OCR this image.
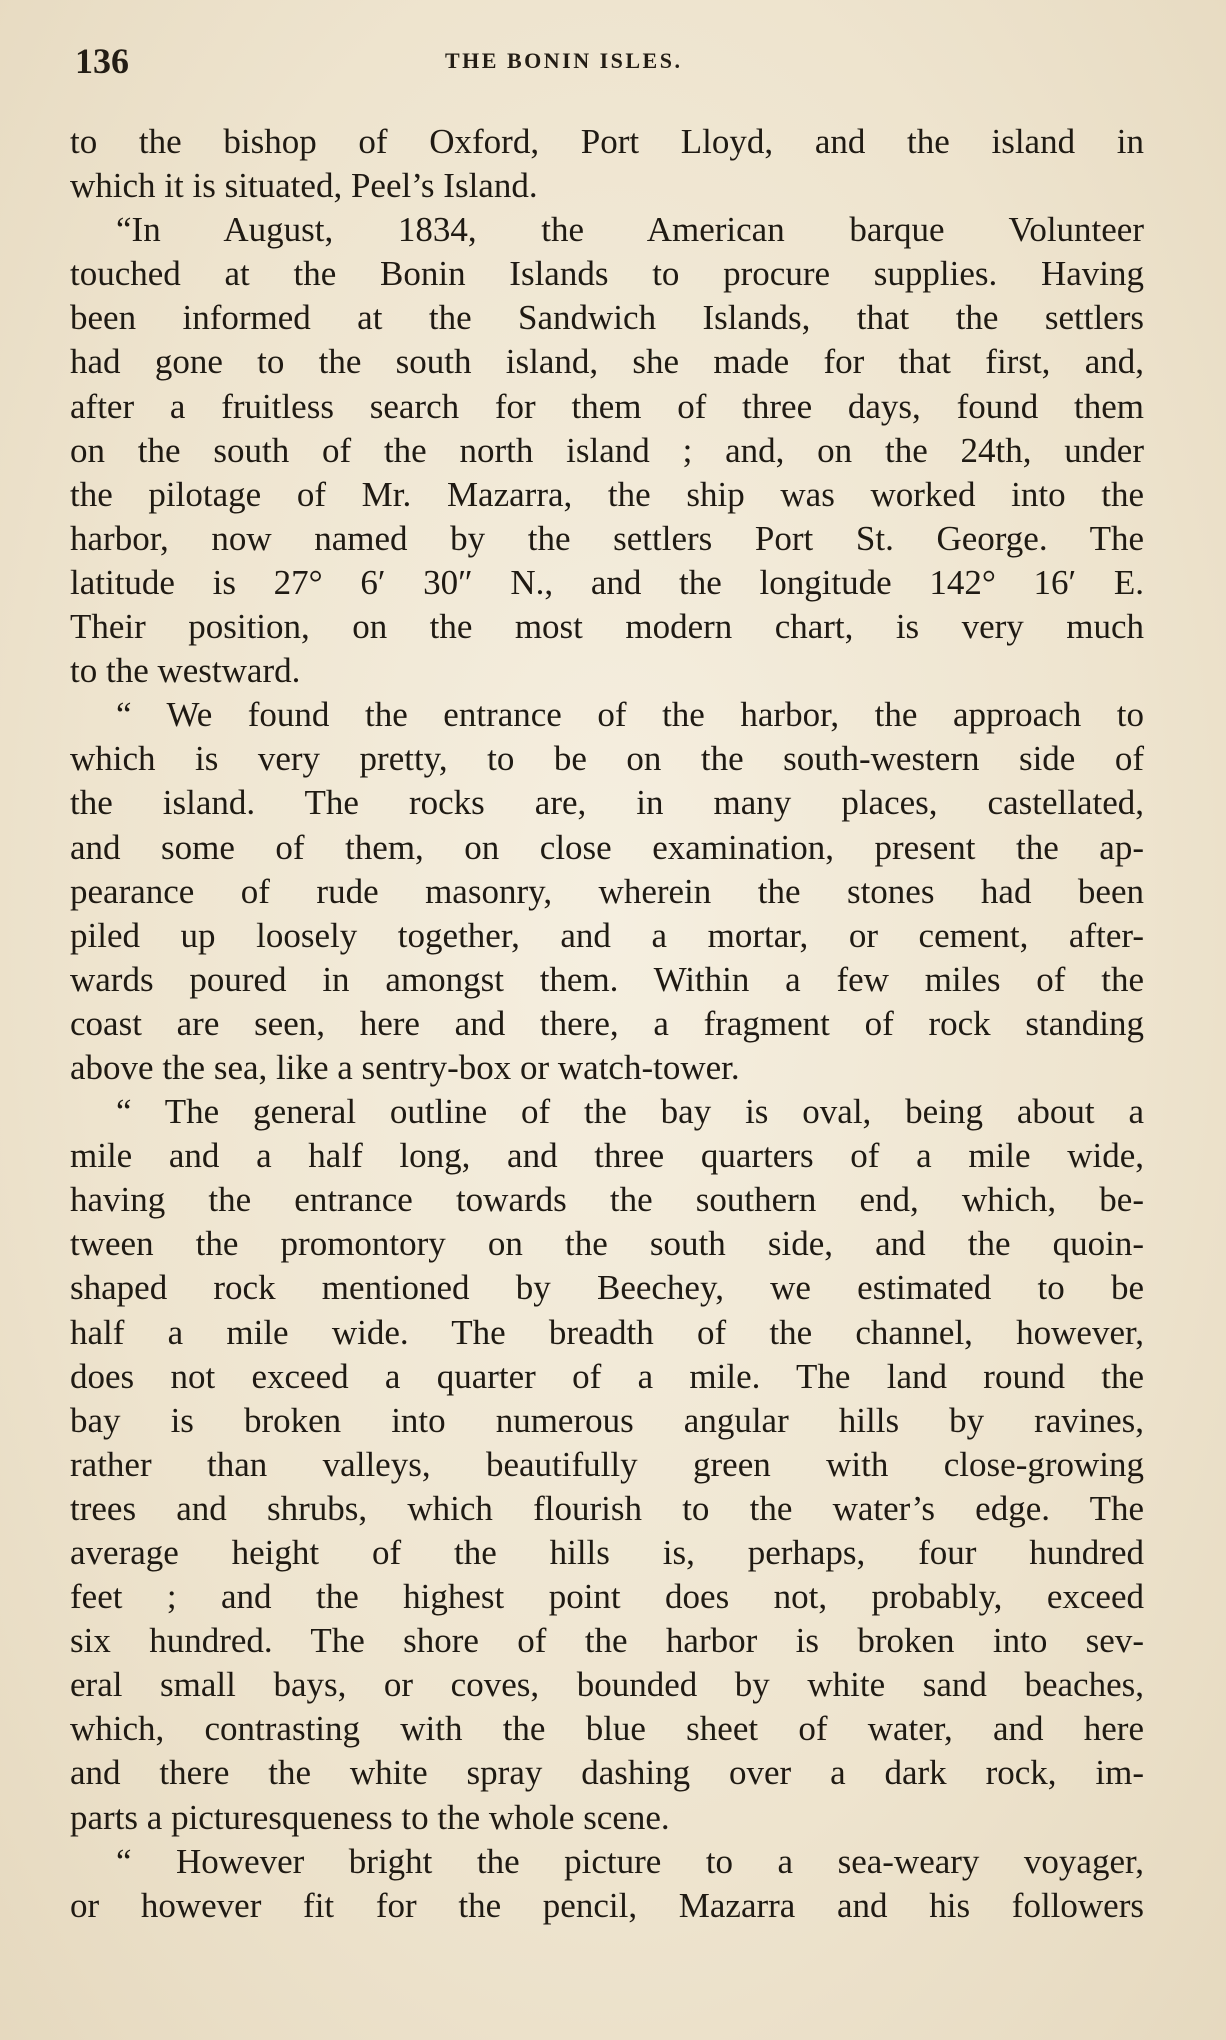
136	THE BONIN ISLES.
to the bishop of Oxford, Port Lloyd, and the island in
which it is situated, Peel’s Island.
“In August, 1834, the American barque Volunteer
touched at the Bonin Islands to procure supplies. Having
been informed at the Sandwich Islands, that the settlers
had gone to the south island, she made for that first, and,
after a fruitless search for them of three days, found them
on the south of the north island ; and, on the 24th, under
the pilotage of Mr. Mazarra, the ship was worked into the
harbor, now named by the settlers Port St. George. The
latitude is 27° 6′ 30″ N., and the longitude 142° 16′ E.
Their position, on the most modern chart, is very much
to the westward.
“ We found the entrance of the harbor, the approach to
which is very pretty, to be on the south-western side of
the island. The rocks are, in many places, castellated,
and some of them, on close examination, present the ap-
pearance of rude masonry, wherein the stones had been
piled up loosely together, and a mortar, or cement, after-
wards poured in amongst them. Within a few miles of the
coast are seen, here and there, a fragment of rock standing
above the sea, like a sentry-box or watch-tower.
“ The general outline of the bay is oval, being about a
mile and a half long, and three quarters of a mile wide,
having the entrance towards the southern end, which, be-
tween the promontory on the south side, and the quoin-
shaped rock mentioned by Beechey, we estimated to be
half a mile wide. The breadth of the channel, however,
does not exceed a quarter of a mile. The land round the
bay is broken into numerous angular hills by ravines,
rather than valleys, beautifully green with close-growing
trees and shrubs, which flourish to the water’s edge. The
average height of the hills is, perhaps, four hundred
feet ; and the highest point does not, probably, exceed
six hundred. The shore of the harbor is broken into sev-
eral small bays, or coves, bounded by white sand beaches,
which, contrasting with the blue sheet of water, and here
and there the white spray dashing over a dark rock, im-
parts a picturesqueness to the whole scene.
“ However bright the picture to a sea-weary voyager,
or however fit for the pencil, Mazarra and his followers
